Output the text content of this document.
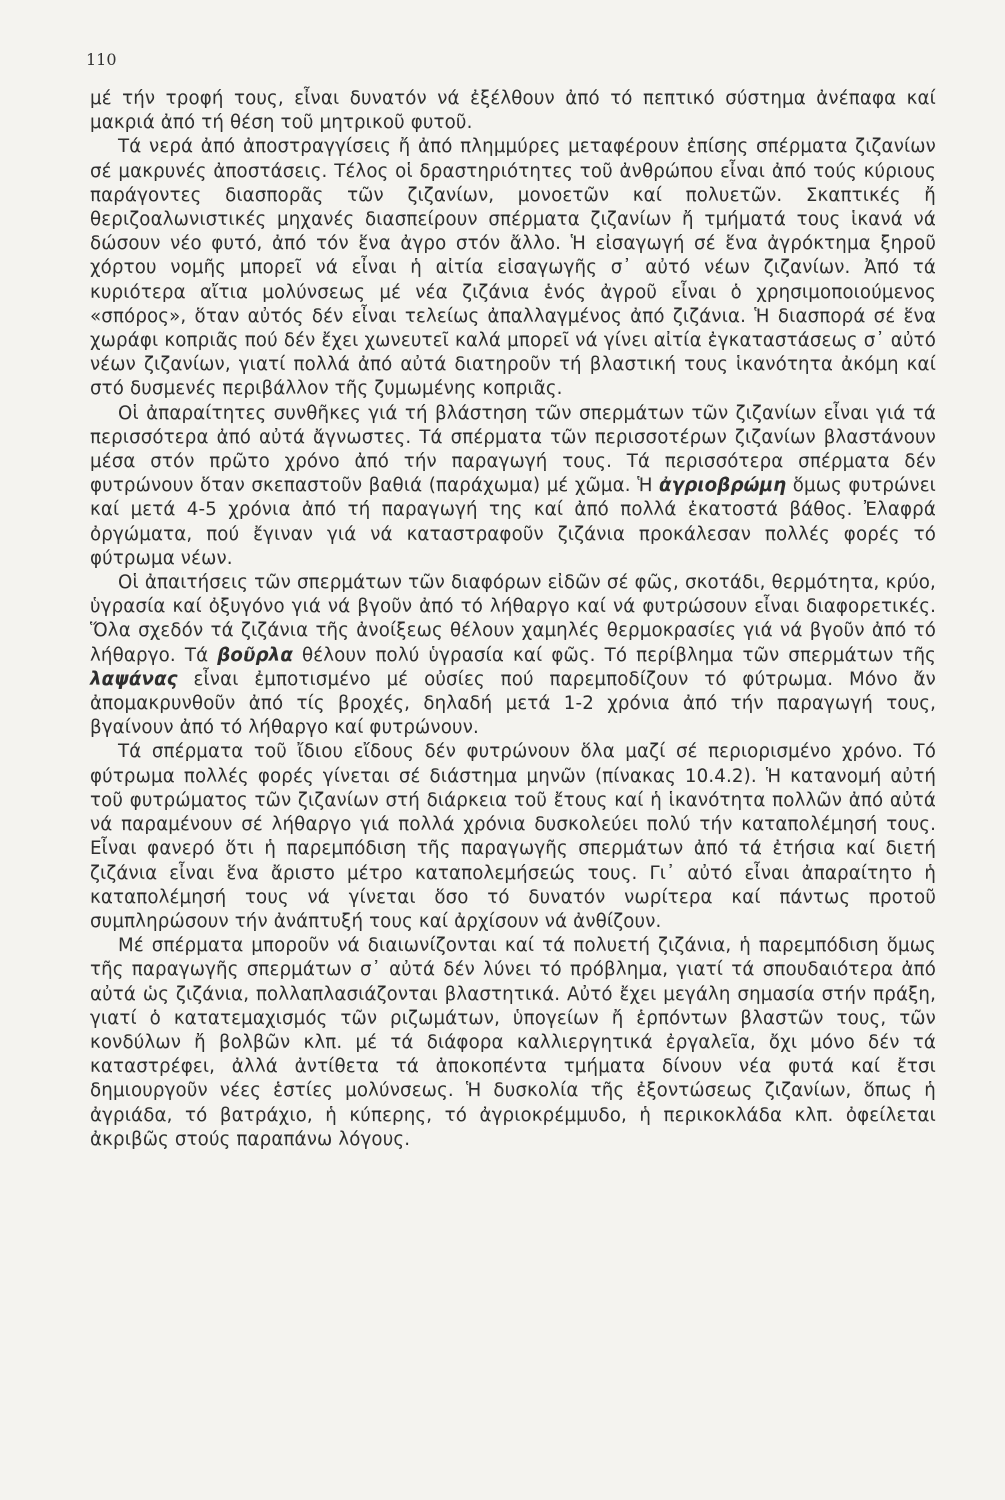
110

μέ τήν τροφή τους, εἶναι δυνατόν νά ἐξέλθουν ἀπό τό πεπτικό σύστημα ἀνέπαφα καί μακριά ἀπό τή θέση τοῦ μητρικοῦ φυτοῦ.

Τά νερά ἀπό ἀποστραγγίσεις ἤ ἀπό πλημμύρες μεταφέρουν ἐπίσης σπέρματα ζιζανίων σέ μακρυνές ἀποστάσεις. Τέλος οἱ δραστηριότητες τοῦ ἀνθρώπου εἶναι ἀπό τούς κύριους παράγοντες διασπορᾶς τῶν ζιζανίων, μονοετῶν καί πολυετῶν. Σκαπτικές ἤ θεριζοαλωνιστικές μηχανές διασπείρουν σπέρματα ζιζανίων ἤ τμήματά τους ἱκανά νά δώσουν νέο φυτό, ἀπό τόν ἕνα ἀγρο στόν ἄλλο. Ἡ εἰσαγωγή σέ ἕνα ἀγρόκτημα ξηροῦ χόρτου νομῆς μπορεῖ νά εἶναι ἡ αἰτία εἰσαγωγῆς σ᾽ αὐτό νέων ζιζανίων. Ἀπό τά κυριότερα αἴτια μολύνσεως μέ νέα ζιζάνια ἑνός ἀγροῦ εἶναι ὁ χρησιμοποιούμενος «σπόρος», ὅταν αὐτός δέν εἶναι τελείως ἀπαλλαγμένος ἀπό ζιζάνια. Ἡ διασπορά σέ ἕνα χωράφι κοπριᾶς πού δέν ἔχει χωνευτεῖ καλά μπορεῖ νά γίνει αἰτία ἐγκαταστάσεως σ᾽ αὐτό νέων ζιζανίων, γιατί πολλά ἀπό αὐτά διατηροῦν τή βλαστική τους ἱκανότητα ἀκόμη καί στό δυσμενές περιβάλλον τῆς ζυμωμένης κοπριᾶς.

Οἱ ἀπαραίτητες συνθῆκες γιά τή βλάστηση τῶν σπερμάτων τῶν ζιζανίων εἶναι γιά τά περισσότερα ἀπό αὐτά ἄγνωστες. Τά σπέρματα τῶν περισσοτέρων ζιζανίων βλαστάνουν μέσα στόν πρῶτο χρόνο ἀπό τήν παραγωγή τους. Τά περισσότερα σπέρματα δέν φυτρώνουν ὅταν σκεπαστοῦν βαθιά (παράχωμα) μέ χῶμα. Ἡ ἀγριοβρώμη ὅμως φυτρώνει καί μετά 4-5 χρόνια ἀπό τή παραγωγή της καί ἀπό πολλά ἑκατοστά βάθος. Ἐλαφρά ὀργώματα, πού ἔγιναν γιά νά καταστραφοῦν ζιζάνια προκάλεσαν πολλές φορές τό φύτρωμα νέων.

Οἱ ἀπαιτήσεις τῶν σπερμάτων τῶν διαφόρων εἰδῶν σέ φῶς, σκοτάδι, θερμότητα, κρύο, ὑγρασία καί ὀξυγόνο γιά νά βγοῦν ἀπό τό λήθαργο καί νά φυτρώσουν εἶναι διαφορετικές. Ὅλα σχεδόν τά ζιζάνια τῆς ἀνοίξεως θέλουν χαμηλές θερμοκρασίες γιά νά βγοῦν ἀπό τό λήθαργο. Τά βοῦρλα θέλουν πολύ ὑγρασία καί φῶς. Τό περίβλημα τῶν σπερμάτων τῆς λαψάνας εἶναι ἐμποτισμένο μέ οὐσίες πού παρεμποδίζουν τό φύτρωμα. Μόνο ἄν ἀπομακρυνθοῦν ἀπό τίς βροχές, δηλαδή μετά 1-2 χρόνια ἀπό τήν παραγωγή τους, βγαίνουν ἀπό τό λήθαργο καί φυτρώνουν.

Τά σπέρματα τοῦ ἴδιου εἴδους δέν φυτρώνουν ὅλα μαζί σέ περιορισμένο χρόνο. Τό φύτρωμα πολλές φορές γίνεται σέ διάστημα μηνῶν (πίνακας 10.4.2). Ἡ κατανομή αὐτή τοῦ φυτρώματος τῶν ζιζανίων στή διάρκεια τοῦ ἔτους καί ἡ ἱκανότητα πολλῶν ἀπό αὐτά νά παραμένουν σέ λήθαργο γιά πολλά χρόνια δυσκολεύει πολύ τήν καταπολέμησή τους. Εἶναι φανερό ὅτι ἡ παρεμπόδιση τῆς παραγωγῆς σπερμάτων ἀπό τά ἐτήσια καί διετή ζιζάνια εἶναι ἕνα ἄριστο μέτρο καταπολεμήσεώς τους. Γι᾽ αὐτό εἶναι ἀπαραίτητο ἡ καταπολέμησή τους νά γίνεται ὅσο τό δυνατόν νωρίτερα καί πάντως προτοῦ συμπληρώσουν τήν ἀνάπτυξή τους καί ἀρχίσουν νά ἀνθίζουν.

Μέ σπέρματα μποροῦν νά διαιωνίζονται καί τά πολυετή ζιζάνια, ἡ παρεμπόδιση ὅμως τῆς παραγωγῆς σπερμάτων σ᾽ αὐτά δέν λύνει τό πρόβλημα, γιατί τά σπουδαιότερα ἀπό αὐτά ὡς ζιζάνια, πολλαπλασιάζονται βλαστητικά. Αὐτό ἔχει μεγάλη σημασία στήν πράξη, γιατί ὁ κατατεμαχισμός τῶν ριζωμάτων, ὑπογείων ἤ ἑρπόντων βλαστῶν τους, τῶν κονδύλων ἤ βολβῶν κλπ. μέ τά διάφορα καλλιεργητικά ἐργαλεῖα, ὄχι μόνο δέν τά καταστρέφει, ἀλλά ἀντίθετα τά ἀποκοπέντα τμήματα δίνουν νέα φυτά καί ἔτσι δημιουργοῦν νέες ἑστίες μολύνσεως. Ἡ δυσκολία τῆς ἐξοντώσεως ζιζανίων, ὅπως ἡ ἀγριάδα, τό βατράχιο, ἡ κύπερης, τό ἀγριοκρέμμυδο, ἡ περικοκλάδα κλπ. ὀφείλεται ἀκριβῶς στούς παραπάνω λόγους.
